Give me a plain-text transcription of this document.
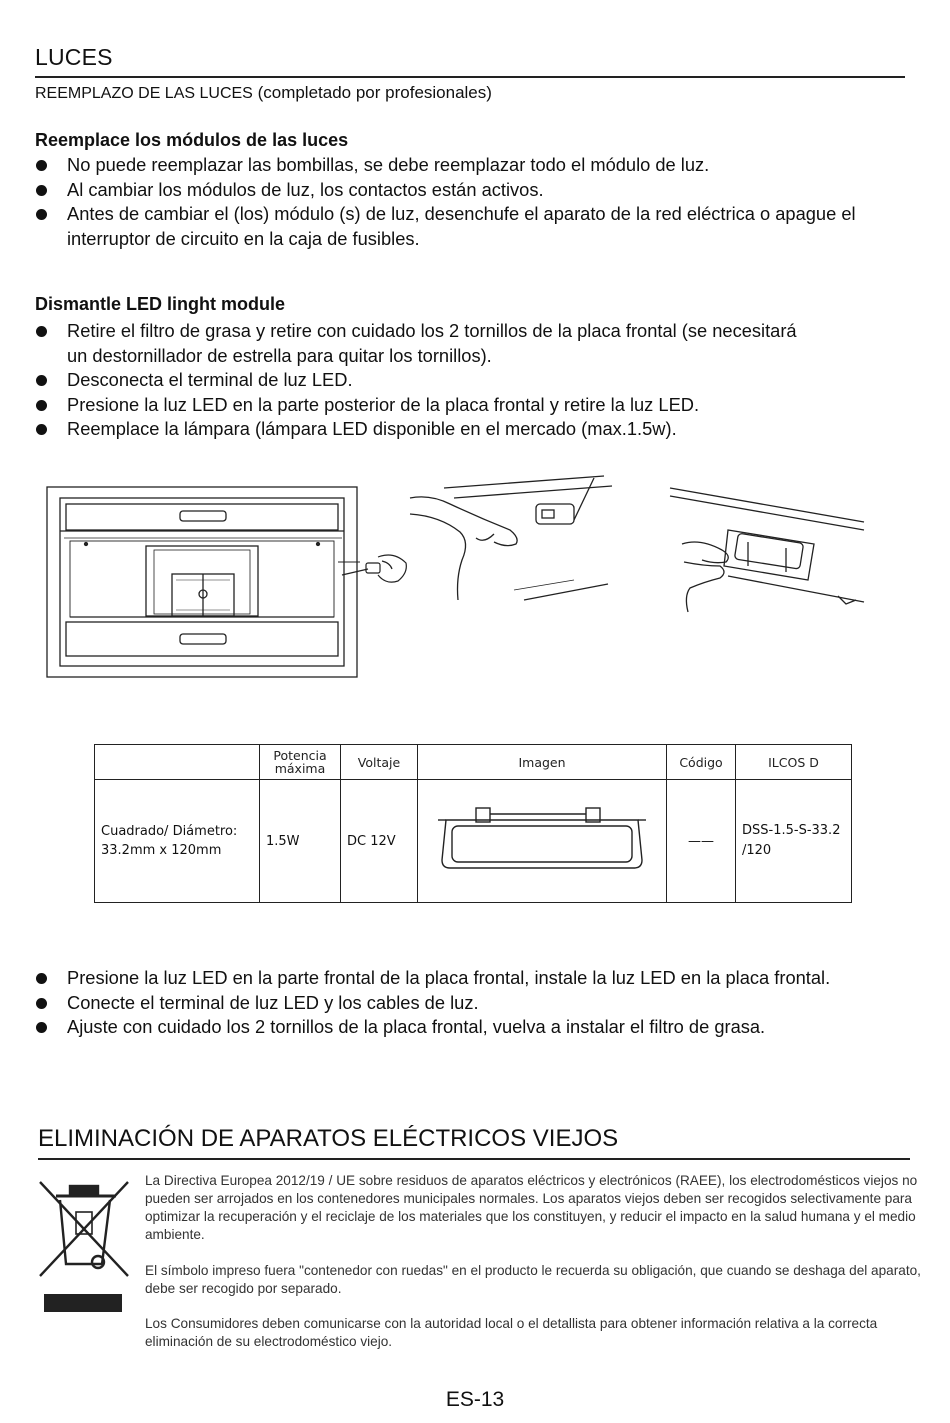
LUCES
REEMPLAZO DE LAS LUCES (completado por profesionales)
Reemplace los módulos de las luces
No puede reemplazar las bombillas, se debe reemplazar todo el módulo de luz.
Al cambiar los módulos de luz, los contactos están activos.
Antes de cambiar el (los) módulo (s) de luz, desenchufe el aparato de la red eléctrica o apague el interruptor de circuito en la caja de fusibles.
Dismantle LED linght module
Retire el filtro de grasa y retire con cuidado los 2 tornillos de la placa frontal (se necesitará un destornillador de estrella para quitar los tornillos).
Desconecta el terminal de luz LED.
Presione la luz LED en la parte posterior de la placa frontal y retire la luz LED.
Reemplace la lámpara (lámpara LED disponible en el mercado (max.1.5w).
	Potencia máxima	Voltaje	Imagen	Código	ILCOS D

Cuadrado/ Diámetro:
33.2mm x 120mm	1.5W	DC 12V		——	DSS-1.5-S-33.2 /120
Presione la luz LED en la parte frontal de la placa frontal, instale la luz LED en la placa frontal.
Conecte el terminal de luz LED y los cables de luz.
Ajuste con cuidado los 2 tornillos de la placa frontal, vuelva a instalar el filtro de grasa.
ELIMINACIÓN DE APARATOS ELÉCTRICOS VIEJOS
La Directiva Europea 2012/19 / UE sobre residuos de aparatos eléctricos y electrónicos (RAEE), los electrodomésticos viejos no pueden ser arrojados en los contenedores municipales normales. Los aparatos viejos deben ser recogidos selectivamente para optimizar la recuperación y el reciclaje de los materiales que los constituyen, y reducir el impacto en la salud humana y el medio ambiente.
El símbolo impreso fuera "contenedor con ruedas" en el producto le recuerda su obligación, que cuando se deshaga del aparato, debe ser recogido por separado.
Los Consumidores deben comunicarse con la autoridad local o el detallista para obtener información relativa a la correcta eliminación de su electrodoméstico viejo.
ES-13
